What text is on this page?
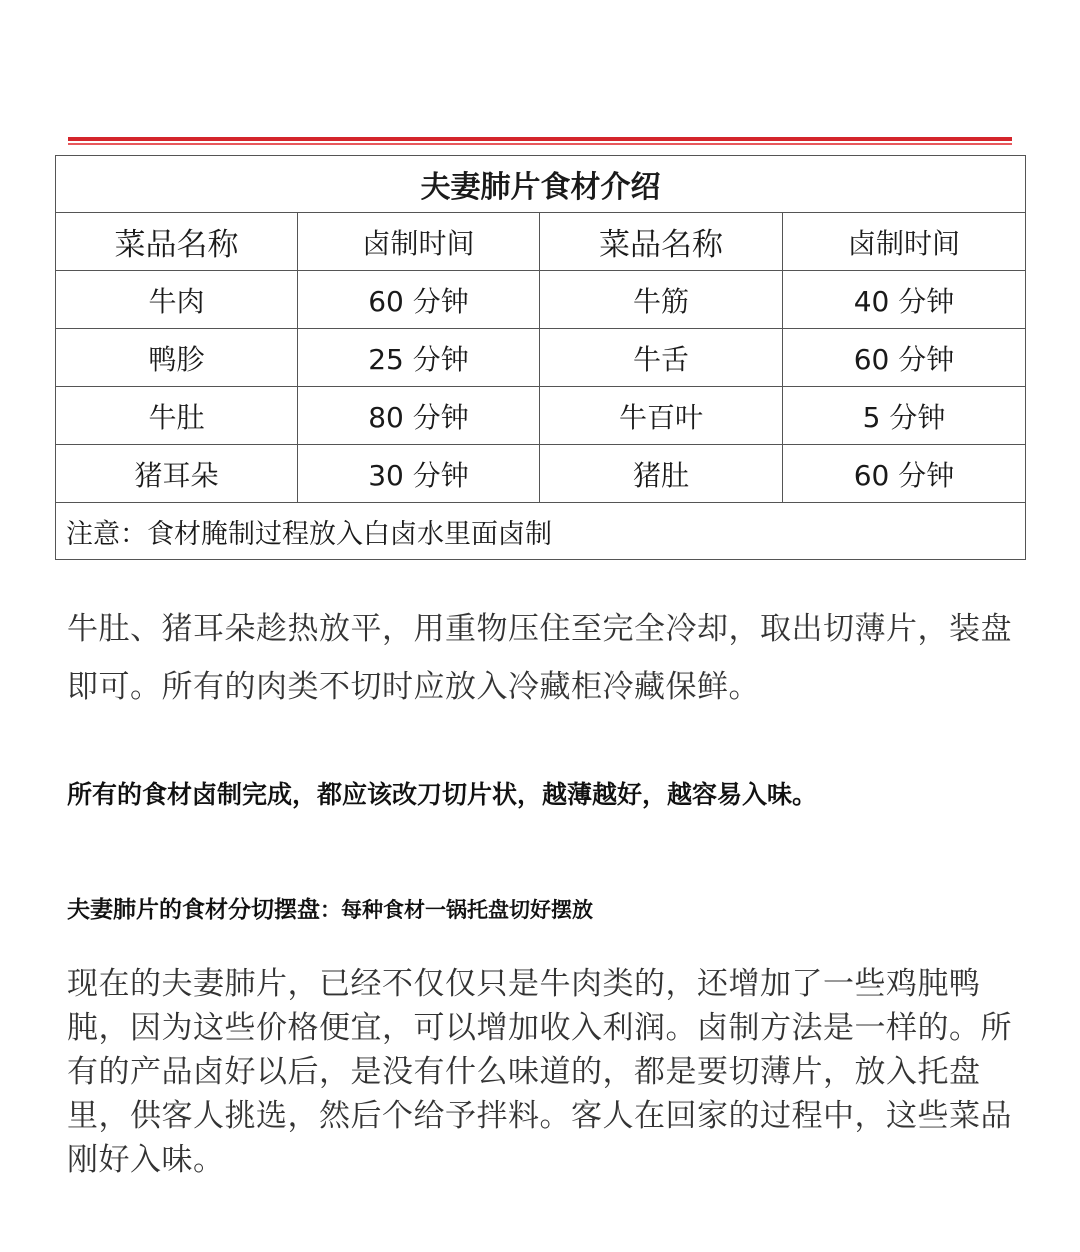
夫妻肺片食材介绍			
菜品名称	卤制时间	菜品名称	卤制时间
牛肉	60 分钟	牛筋	40 分钟
鸭胗	25 分钟	牛舌	60 分钟
牛肚	80 分钟	牛百叶	5 分钟
猪耳朵	30 分钟	猪肚	60 分钟
注意：食材腌制过程放入白卤水里面卤制			

牛肚、猪耳朵趁热放平，用重物压住至完全冷却，取出切薄片，装盘即可。所有的肉类不切时应放入冷藏柜冷藏保鲜。

所有的食材卤制完成，都应该改刀切片状，越薄越好，越容易入味。

夫妻肺片的食材分切摆盘：每种食材一锅托盘切好摆放

现在的夫妻肺片，已经不仅仅只是牛肉类的，还增加了一些鸡肫鸭肫，因为这些价格便宜，可以增加收入利润。卤制方法是一样的。所有的产品卤好以后，是没有什么味道的，都是要切薄片，放入托盘里，供客人挑选，然后个给予拌料。客人在回家的过程中，这些菜品刚好入味。
